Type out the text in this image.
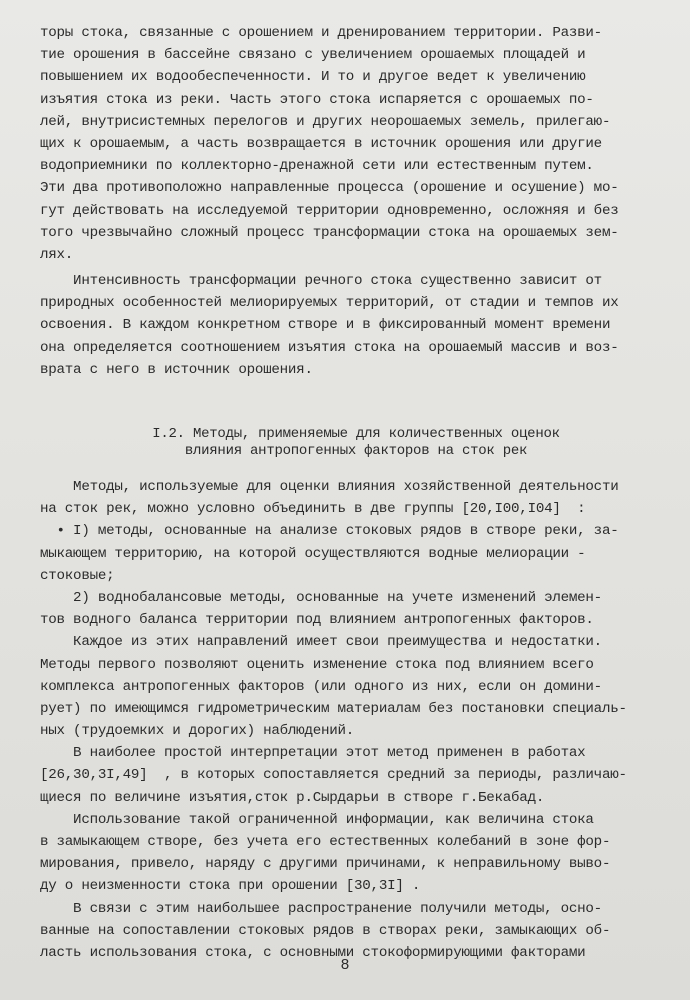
торы стока, связанные с орошением и дренированием территории. Разви-

тие орошения в бассейне связано с увеличением орошаемых площадей и

повышением их водообеспеченности. И то и другое ведет к увеличению

изъятия стока из реки. Часть этого стока испаряется с орошаемых по-

лей, внутрисистемных перелогов и других неорошаемых земель, прилегаю-

щих к орошаемым, а часть возвращается в источник орошения или другие

водоприемники по коллекторно-дренажной сети или естественным путем.

Эти два противоположно направленные процесса (орошение и осушение) мо-

гут действовать на исследуемой территории одновременно, осложняя и без

того чрезвычайно сложный процесс трансформации стока на орошаемых зем-

лях.

Интенсивность трансформации речного стока существенно зависит от

природных особенностей мелиорируемых территорий, от стадии и темпов их

освоения. В каждом конкретном створе и в фиксированный момент времени

она определяется соотношением изъятия стока на орошаемый массив и воз-

врата с него в источник орошения.

I.2. Методы, применяемые для количественных оценок

влияния антропогенных факторов на сток рек

Методы, используемые для оценки влияния хозяйственной деятельности

на сток рек, можно условно объединить в две группы [20,I00,I04]  :

• I) методы, основанные на анализе стоковых рядов в створе реки, за-

мыкающем территорию, на которой осуществляются водные мелиорации -

стоковые;

2) воднобалансовые методы, основанные на учете изменений элемен-

тов водного баланса территории под влиянием антропогенных факторов.

Каждое из этих направлений имеет свои преимущества и недостатки.

Методы первого позволяют оценить изменение стока под влиянием всего

комплекса антропогенных факторов (или одного из них, если он домини-

рует) по имеющимся гидрометрическим материалам без постановки специаль-

ных (трудоемких и дорогих) наблюдений.

В наиболее простой интерпретации этот метод применен в работах

[26,30,3I,49]  , в которых сопоставляется средний за периоды, различаю-

щиеся по величине изъятия,сток р.Сырдарьи в створе г.Бекабад.

Использование такой ограниченной информации, как величина стока

в замыкающем створе, без учета его естественных колебаний в зоне фор-

мирования, привело, наряду с другими причинами, к неправильному выво-

ду о неизменности стока при орошении [30,3I] .

В связи с этим наибольшее распространение получили методы, осно-

ванные на сопоставлении стоковых рядов в створах реки, замыкающих об-

ласть использования стока, с основными стокоформирующими факторами

8
